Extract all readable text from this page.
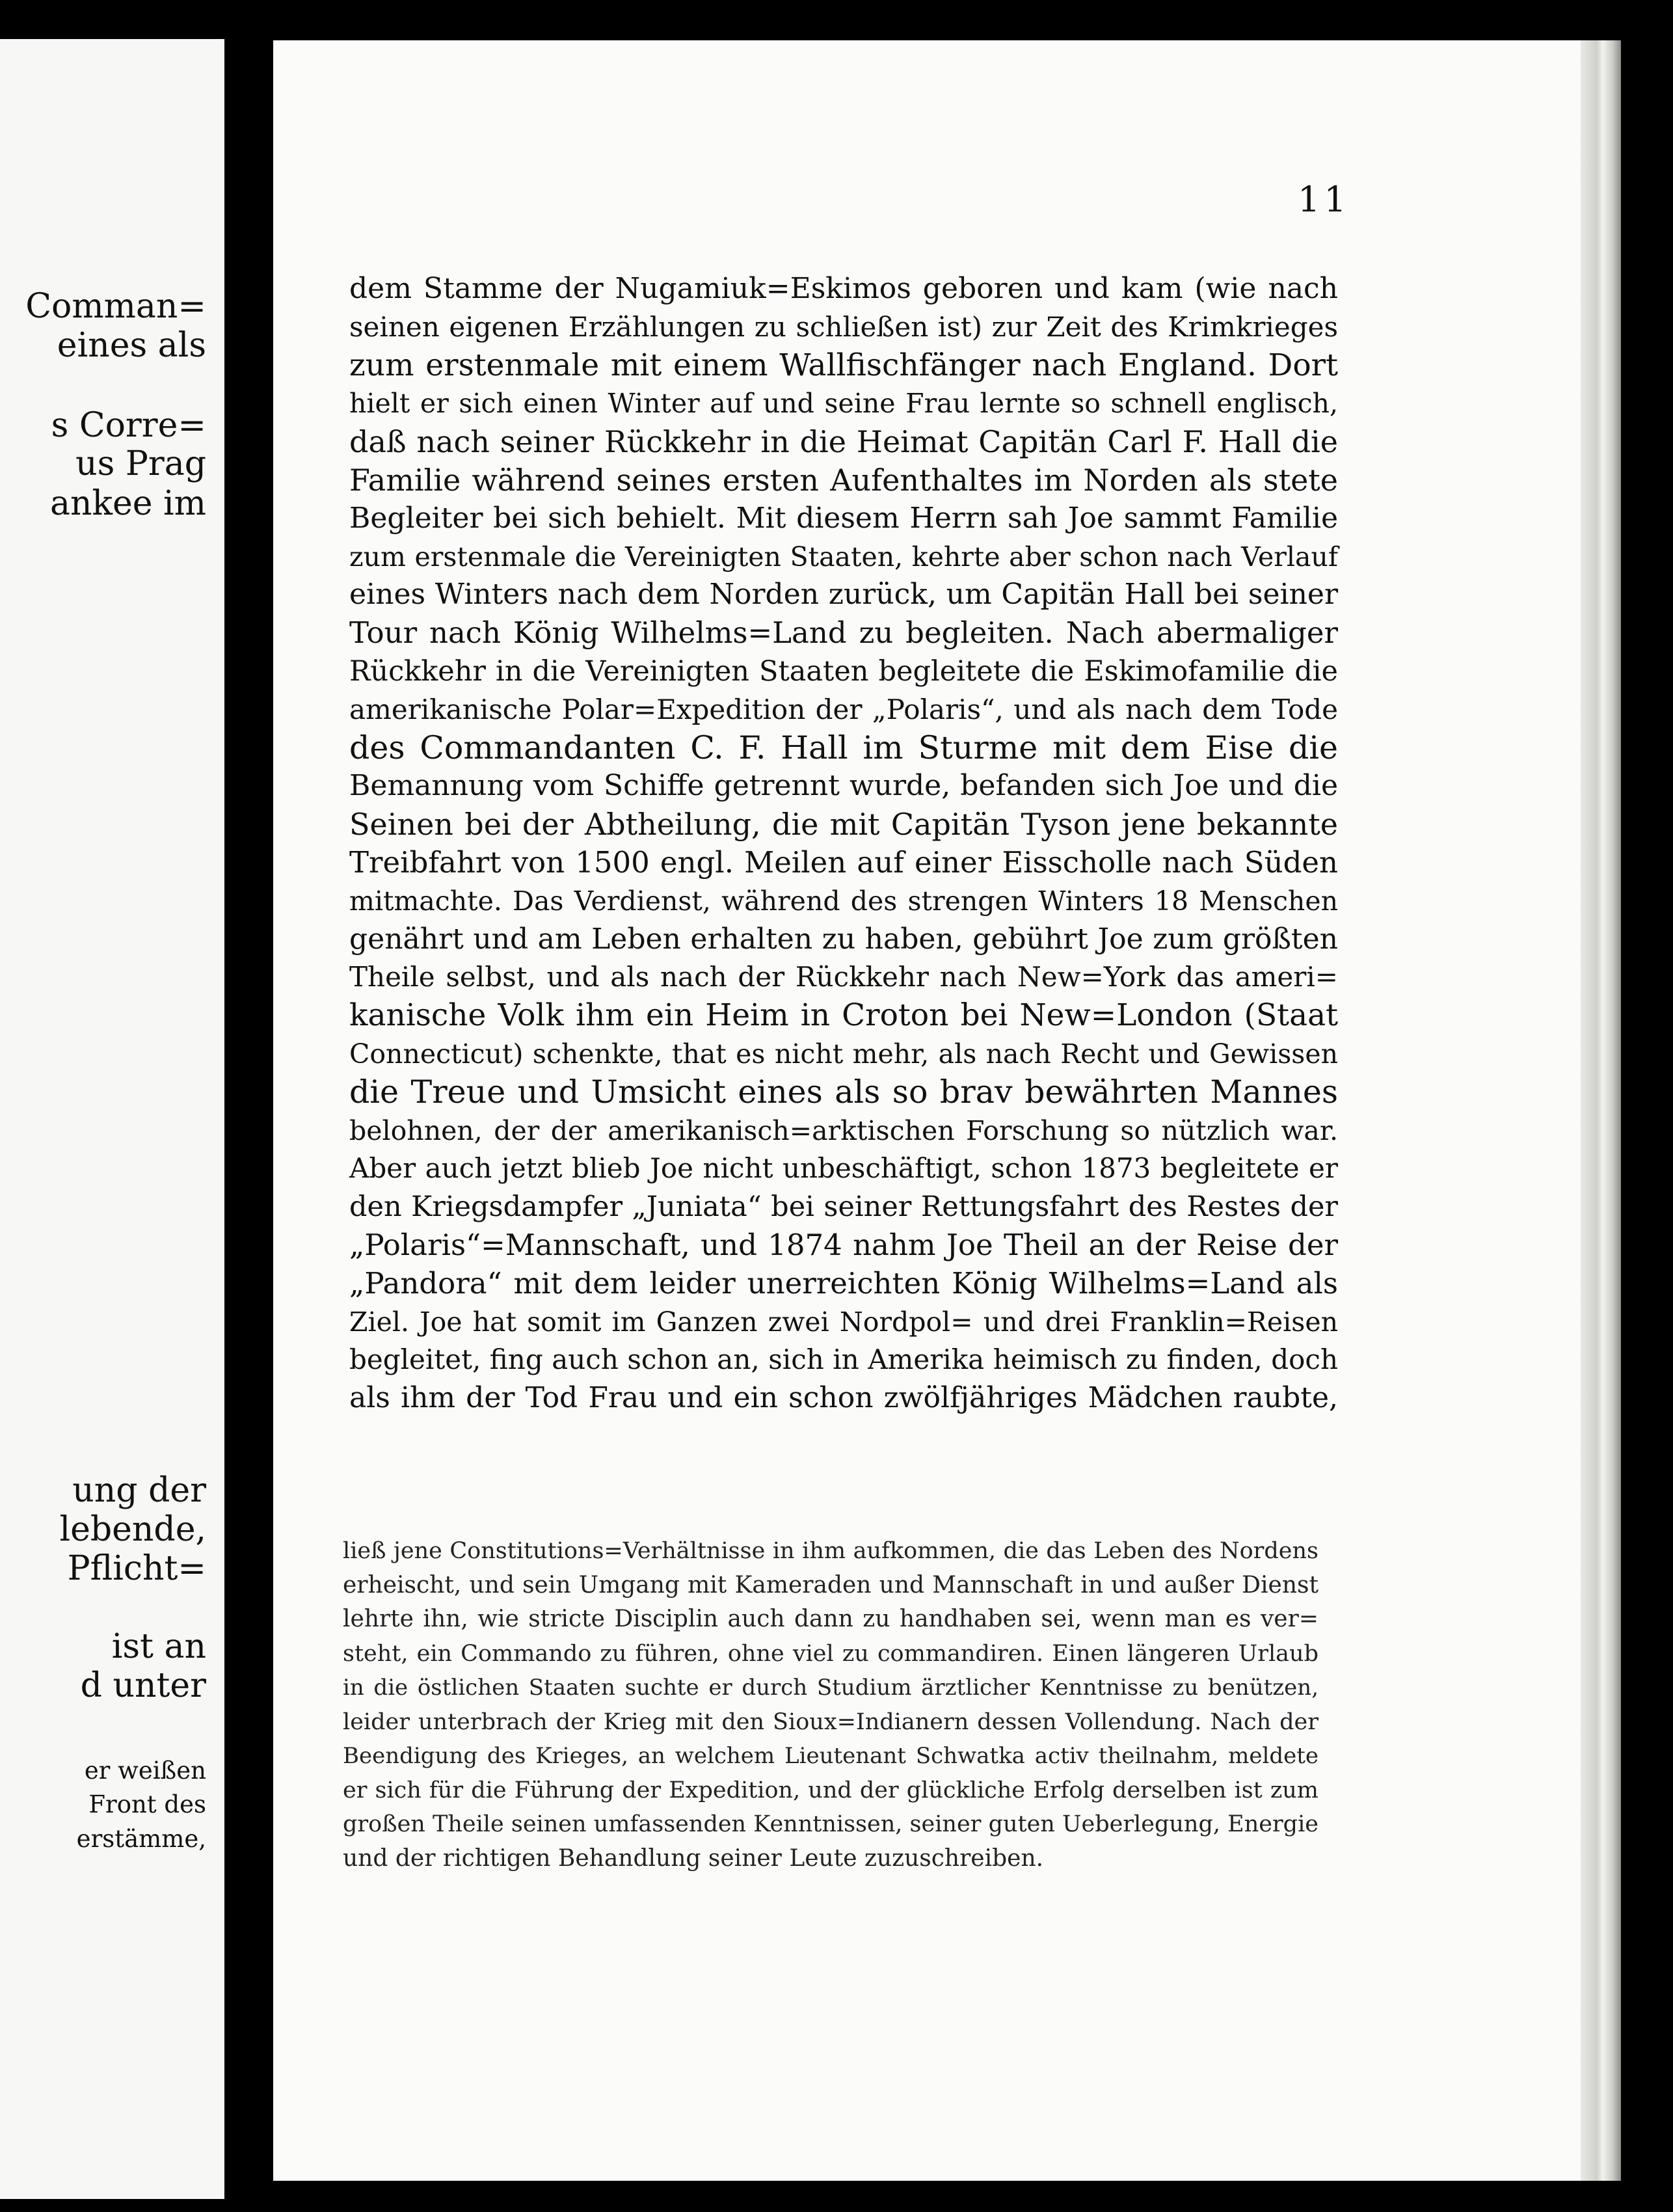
Comman=
eines als
s Corre=
us Prag
ankee im
ung der
lebende,
Pflicht=
ist an
d unter
er weißen
Front des
erstämme,
11
dem Stamme der Nugamiuk=Eskimos geboren und kam (wie nach
seinen eigenen Erzählungen zu schließen ist) zur Zeit des Krimkrieges
zum erstenmale mit einem Wallfischfänger nach England. Dort
hielt er sich einen Winter auf und seine Frau lernte so schnell englisch,
daß nach seiner Rückkehr in die Heimat Capitän Carl F. Hall die
Familie während seines ersten Aufenthaltes im Norden als stete
Begleiter bei sich behielt. Mit diesem Herrn sah Joe sammt Familie
zum erstenmale die Vereinigten Staaten, kehrte aber schon nach Verlauf
eines Winters nach dem Norden zurück, um Capitän Hall bei seiner
Tour nach König Wilhelms=Land zu begleiten. Nach abermaliger
Rückkehr in die Vereinigten Staaten begleitete die Eskimofamilie die
amerikanische Polar=Expedition der „Polaris“, und als nach dem Tode
des Commandanten C. F. Hall im Sturme mit dem Eise die
Bemannung vom Schiffe getrennt wurde, befanden sich Joe und die
Seinen bei der Abtheilung, die mit Capitän Tyson jene bekannte
Treibfahrt von 1500 engl. Meilen auf einer Eisscholle nach Süden
mitmachte. Das Verdienst, während des strengen Winters 18 Menschen
genährt und am Leben erhalten zu haben, gebührt Joe zum größten
Theile selbst, und als nach der Rückkehr nach New=York das ameri=
kanische Volk ihm ein Heim in Croton bei New=London (Staat
Connecticut) schenkte, that es nicht mehr, als nach Recht und Gewissen
die Treue und Umsicht eines als so brav bewährten Mannes
belohnen, der der amerikanisch=arktischen Forschung so nützlich war.
Aber auch jetzt blieb Joe nicht unbeschäftigt, schon 1873 begleitete er
den Kriegsdampfer „Juniata“ bei seiner Rettungsfahrt des Restes der
„Polaris“=Mannschaft, und 1874 nahm Joe Theil an der Reise der
„Pandora“ mit dem leider unerreichten König Wilhelms=Land als
Ziel. Joe hat somit im Ganzen zwei Nordpol= und drei Franklin=Reisen
begleitet, fing auch schon an, sich in Amerika heimisch zu finden, doch
als ihm der Tod Frau und ein schon zwölfjähriges Mädchen raubte,
ließ jene Constitutions=Verhältnisse in ihm aufkommen, die das Leben des Nordens
erheischt, und sein Umgang mit Kameraden und Mannschaft in und außer Dienst
lehrte ihn, wie stricte Disciplin auch dann zu handhaben sei, wenn man es ver=
steht, ein Commando zu führen, ohne viel zu commandiren. Einen längeren Urlaub
in die östlichen Staaten suchte er durch Studium ärztlicher Kenntnisse zu benützen,
leider unterbrach der Krieg mit den Sioux=Indianern dessen Vollendung. Nach der
Beendigung des Krieges, an welchem Lieutenant Schwatka activ theilnahm, meldete
er sich für die Führung der Expedition, und der glückliche Erfolg derselben ist zum
großen Theile seinen umfassenden Kenntnissen, seiner guten Ueberlegung, Energie
und der richtigen Behandlung seiner Leute zuzuschreiben.
